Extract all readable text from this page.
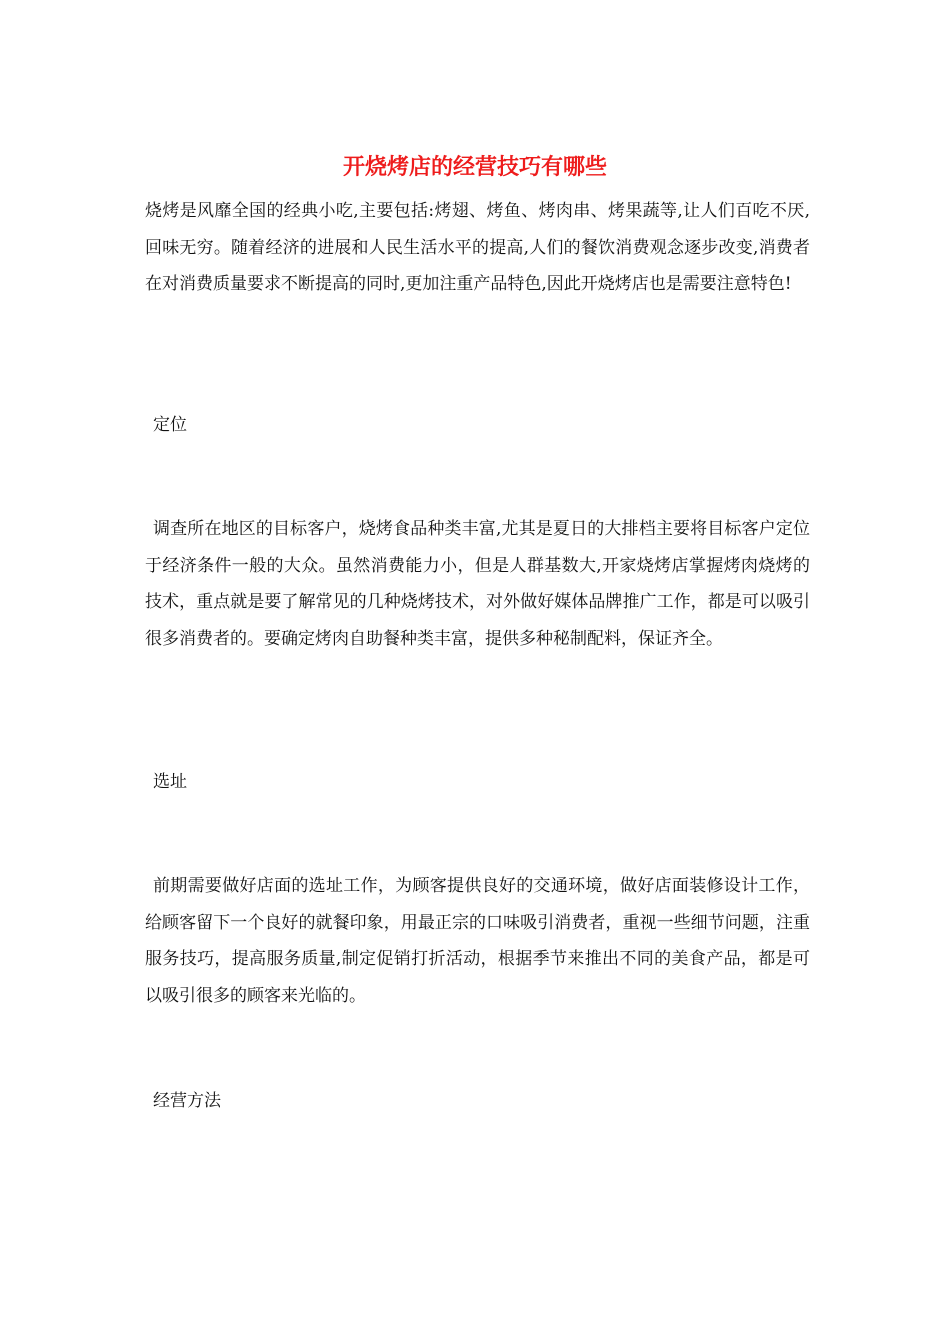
开烧烤店的经营技巧有哪些

烧烤是风靡全国的经典小吃,主要包括:烤翅、烤鱼、烤肉串、烤果蔬等,让人们百吃不厌,回味无穷。随着经济的进展和人民生活水平的提高,人们的餐饮消费观念逐步改变,消费者在对消费质量要求不断提高的同时,更加注重产品特色,因此开烧烤店也是需要注意特色!

定位

调查所在地区的目标客户，烧烤食品种类丰富,尤其是夏日的大排档主要将目标客户定位于经济条件一般的大众。虽然消费能力小，但是人群基数大,开家烧烤店掌握烤肉烧烤的技术，重点就是要了解常见的几种烧烤技术，对外做好媒体品牌推广工作，都是可以吸引很多消费者的。要确定烤肉自助餐种类丰富，提供多种秘制配料，保证齐全。

选址

前期需要做好店面的选址工作，为顾客提供良好的交通环境，做好店面装修设计工作，给顾客留下一个良好的就餐印象，用最正宗的口味吸引消费者，重视一些细节问题，注重服务技巧，提高服务质量,制定促销打折活动，根据季节来推出不同的美食产品，都是可以吸引很多的顾客来光临的。

经营方法
